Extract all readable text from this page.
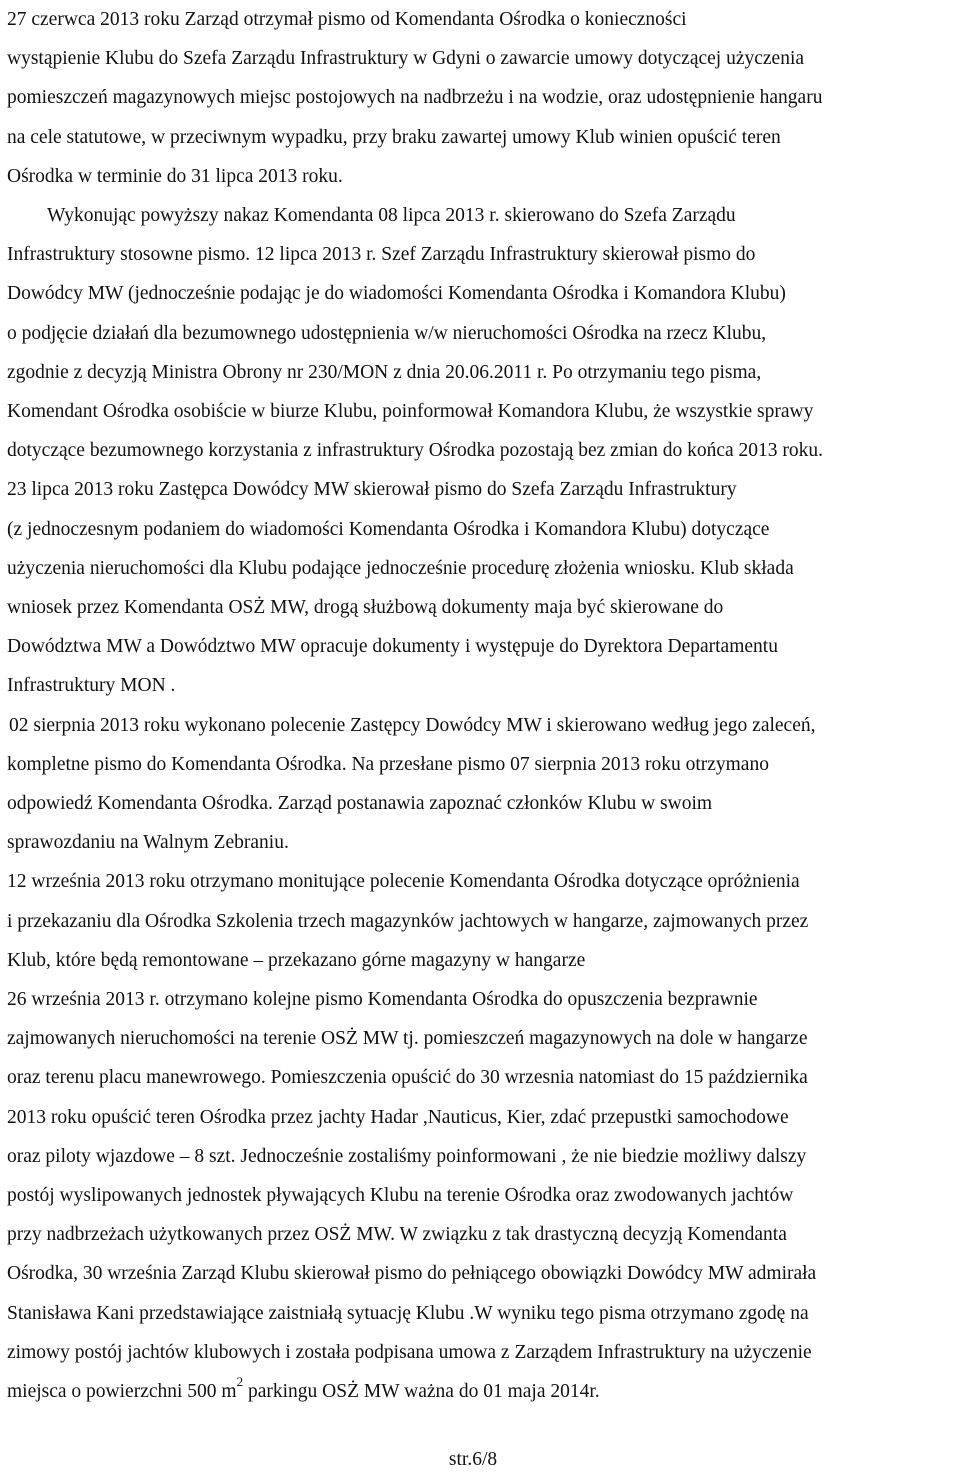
27 czerwca 2013 roku Zarząd otrzymał pismo od Komendanta Ośrodka o konieczności
wystąpienie Klubu do Szefa Zarządu Infrastruktury w Gdyni o zawarcie umowy dotyczącej użyczenia
pomieszczeń magazynowych miejsc postojowych na nadbrzeżu i na wodzie, oraz udostępnienie hangaru
na cele statutowe, w przeciwnym wypadku, przy braku zawartej umowy Klub winien opuścić teren
Ośrodka w terminie do 31 lipca 2013 roku.
Wykonując powyższy nakaz Komendanta 08 lipca 2013 r. skierowano do Szefa Zarządu
Infrastruktury stosowne pismo. 12 lipca 2013 r. Szef Zarządu Infrastruktury skierował pismo do
Dowódcy MW (jednocześnie podając je do wiadomości Komendanta Ośrodka i Komandora Klubu)
o podjęcie działań dla bezumownego udostępnienia w/w nieruchomości Ośrodka na rzecz Klubu,
zgodnie z decyzją Ministra Obrony nr 230/MON z dnia 20.06.2011 r. Po otrzymaniu tego pisma,
Komendant Ośrodka osobiście w biurze Klubu, poinformował Komandora Klubu, że wszystkie sprawy
dotyczące bezumownego korzystania z infrastruktury Ośrodka pozostają bez zmian do końca 2013 roku.
23 lipca 2013 roku Zastępca Dowódcy MW skierował pismo do Szefa Zarządu Infrastruktury
(z jednoczesnym podaniem do wiadomości Komendanta Ośrodka i Komandora Klubu) dotyczące
użyczenia nieruchomości dla Klubu podające jednocześnie procedurę złożenia wniosku. Klub składa
wniosek przez Komendanta OSŻ MW, drogą służbową dokumenty maja być skierowane do
Dowództwa MW a Dowództwo MW opracuje dokumenty i występuje do Dyrektora Departamentu
Infrastruktury MON .
02 sierpnia 2013 roku wykonano polecenie Zastępcy Dowódcy MW i skierowano według jego zaleceń,
kompletne pismo do Komendanta Ośrodka. Na przesłane pismo 07 sierpnia 2013 roku otrzymano
odpowiedź Komendanta Ośrodka. Zarząd postanawia zapoznać członków Klubu w swoim
sprawozdaniu na Walnym Zebraniu.
12 września 2013 roku otrzymano monitujące polecenie Komendanta Ośrodka dotyczące opróżnienia
i przekazaniu dla Ośrodka Szkolenia trzech magazynków jachtowych w hangarze, zajmowanych przez
Klub, które będą remontowane – przekazano górne magazyny w hangarze
26 września 2013 r. otrzymano kolejne pismo Komendanta Ośrodka do opuszczenia bezprawnie
zajmowanych nieruchomości na terenie OSŻ MW tj. pomieszczeń magazynowych na dole w hangarze
oraz terenu placu manewrowego. Pomieszczenia opuścić do 30 wrzesnia natomiast do 15 października
2013 roku opuścić teren Ośrodka przez jachty Hadar ,Nauticus, Kier, zdać przepustki samochodowe
oraz piloty wjazdowe – 8 szt. Jednocześnie zostaliśmy poinformowani , że nie biedzie możliwy dalszy
postój wyslipowanych jednostek pływających Klubu na terenie Ośrodka oraz zwodowanych jachtów
przy nadbrzeżach użytkowanych przez OSŻ MW. W związku z tak drastyczną decyzją Komendanta
Ośrodka, 30 września Zarząd Klubu skierował pismo do pełniącego obowiązki Dowódcy MW admirała
Stanisława Kani przedstawiające zaistniałą sytuację Klubu .W wyniku tego pisma otrzymano zgodę na
zimowy postój jachtów klubowych i została podpisana umowa z Zarządem Infrastruktury na użyczenie
miejsca o powierzchni 500 $m^2$ parkingu OSŻ MW ważna do 01 maja 2014r.
str.6/8
